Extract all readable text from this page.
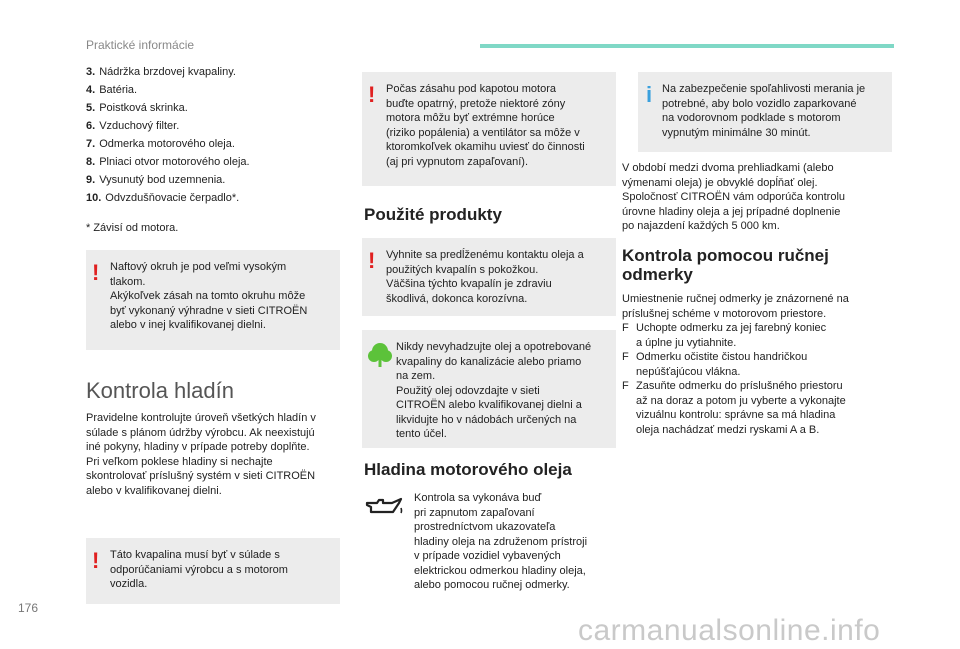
Praktické informácie
3. Nádržka brzdovej kvapaliny.
4. Batéria.
5. Poistková skrinka.
6. Vzduchový filter.
7. Odmerka motorového oleja.
8. Plniaci otvor motorového oleja.
9. Vysunutý bod uzemnenia.
10. Odvzdušňovacie čerpadlo*.
* Závisí od motora.
! Naftový okruh je pod veľmi vysokým
tlakom.
Akýkoľvek zásah na tomto okruhu môže
byť vykonaný výhradne v sieti CITROËN
alebo v inej kvalifikovanej dielni.
Kontrola hladín
Pravidelne kontrolujte úroveň všetkých hladín v
súlade s plánom údržby výrobcu. Ak neexistujú
iné pokyny, hladiny v prípade potreby doplňte.
Pri veľkom poklese hladiny si nechajte
skontrolovať príslušný systém v sieti CITROËN
alebo v kvalifikovanej dielni.
! Táto kvapalina musí byť v súlade s
odporúčaniami výrobcu a s motorom
vozidla.
! Počas zásahu pod kapotou motora
buďte opatrný, pretože niektoré zóny
motora môžu byť extrémne horúce
(riziko popálenia) a ventilátor sa môže v
ktoromkoľvek okamihu uviesť do činnosti
(aj pri vypnutom zapaľovaní).
Použité produkty
! Vyhnite sa predĺženému kontaktu oleja a
použitých kvapalín s pokožkou.
Väčšina týchto kvapalín je zdraviu
škodlivá, dokonca korozívna.
Nikdy nevyhadzujte olej a opotrebované
kvapaliny do kanalizácie alebo priamo
na zem.
Použitý olej odovzdajte v sieti
CITROËN alebo kvalifikovanej dielni a
likvidujte ho v nádobách určených na
tento účel.
Hladina motorového oleja
Kontrola sa vykonáva buď
pri zapnutom zapaľovaní
prostredníctvom ukazovateľa
hladiny oleja na združenom prístroji
v prípade vozidiel vybavených
elektrickou odmerkou hladiny oleja,
alebo pomocou ručnej odmerky.
i Na zabezpečenie spoľahlivosti merania je
potrebné, aby bolo vozidlo zaparkované
na vodorovnom podklade s motorom
vypnutým minimálne 30 minút.
V období medzi dvoma prehliadkami (alebo
výmenami oleja) je obvyklé dopĺňať olej.
Spoločnosť CITROËN vám odporúča kontrolu
úrovne hladiny oleja a jej prípadné doplnenie
po najazdení každých 5 000 km.
Kontrola pomocou ručnej
odmerky
Umiestnenie ručnej odmerky je znázornené na
príslušnej schéme v motorovom priestore.
F Uchopte odmerku za jej farebný koniec
a úplne ju vytiahnite.
F Odmerku očistite čistou handričkou
nepúšťajúcou vlákna.
F Zasuňte odmerku do príslušného priestoru
až na doraz a potom ju vyberte a vykonajte
vizuálnu kontrolu: správne sa má hladina
oleja nachádzať medzi ryskami A a B.
176
carmanualsonline.info
